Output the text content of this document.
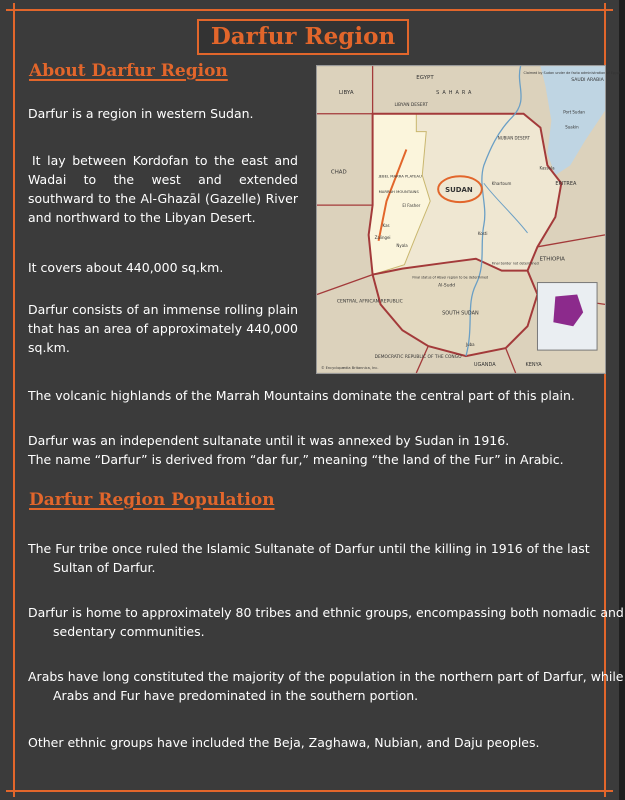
Darfur Region
About Darfur Region

Darfur is a region in western Sudan.

It lay between Kordofan to the east and Wadai to the west and extended southward to the Al-Ghazāl (Gazelle) River and northward to the Libyan Desert.

It covers about 440,000 sq.km.

Darfur consists of an immense rolling plain that has an area of approximately 440,000 sq.km.

The volcanic highlands of the Marrah Mountains dominate the central part of this plain.

Darfur was an independent sultanate until it was annexed by Sudan in 1916.

The name “Darfur” is derived from “dar fur,” meaning “the land of the Fur” in Arabic.

Darfur Region Population

The Fur tribe once ruled the Islamic Sultanate of Darfur until the killing in 1916 of the last Sultan of Darfur.

Darfur is home to approximately 80 tribes and ethnic groups, encompassing both nomadic and sedentary communities.

Arabs have long constituted the majority of the population in the northern part of Darfur, while Arabs and Fur have predominated in the southern portion.

Other ethnic groups have included the Beja, Zaghawa, Nubian, and Daju peoples.

EGYPT
LIBYA
CHAD
SUDAN
ERITREA
ETHIOPIA
CENTRAL AFRICAN REPUBLIC
SOUTH SUDAN
DEMOCRATIC REPUBLIC OF THE CONGO
UGANDA	KENYA
SAUDI ARABIA
Khartoum
Port Sudan
Suakin
Kassala
El Fasher
Nyala
Kas
Zalingei
Al-Sudd
Juba
Kosti
LIBYAN DESERT
SAHARA
NUBIAN DESERT
MARRAH MOUNTAINS
JEBEL MARRA PLATEAU
Claimed by Sudan under de facto administration of Egypt
Final border not determined
Final status of Abyei region to be determined
© Encyclopædia Britannica, Inc.
